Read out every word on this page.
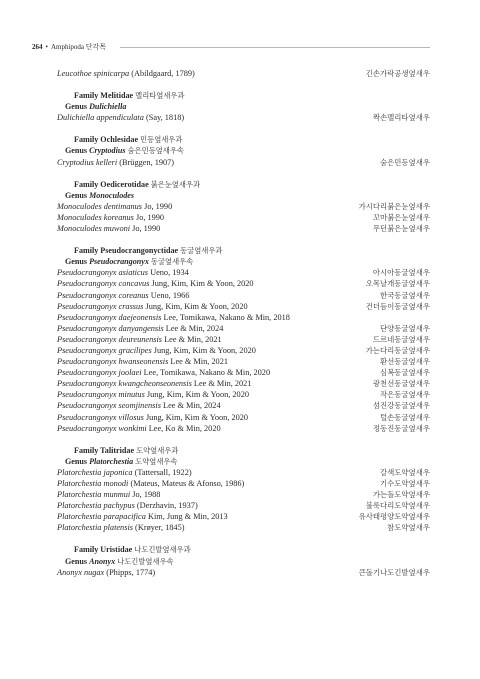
264 • Amphipoda 단각목
Leucothoe spinicarpa (Abildgaard, 1789)	긴손가락공생옆새우
Family Melitidae 멜리타옆새우과
Genus Dulichiella
Dulichiella appendiculata (Say, 1818)	짝손멜리타옆새우
Family Ochlesidae 민등옆새우과
Genus Cryptodius 숨은민등옆새우속
Cryptodius kelleri (Brüggen, 1907)	숨은민등옆새우
Family Oedicerotidae 붉은눈옆새우과
Genus Monoculodes
Monoculodes dentimanus Jo, 1990	가시다리붉은눈옆새우
Monoculodes koreanus Jo, 1990	꼬마붉은눈옆새우
Monoculodes muwoni Jo, 1990	무던붉은눈옆새우
Family Pseudocrangonyctidae 동굴옆새우과
Genus Pseudocrangonyx 동굴옆새우속
Pseudocrangonyx asiaticus Ueno, 1934	아시아동굴옆새우
Pseudocrangonyx concavus Jung, Kim, Kim & Yoon, 2020	오목날개동굴옆새우
Pseudocrangonyx coreanus Ueno, 1966	한국동굴옆새우
Pseudocrangonyx crassus Jung, Kim, Kim & Yoon, 2020	건더듬이동굴옆새우
Pseudocrangonyx daejeonensis Lee, Tomikawa, Nakano & Min, 2018
Pseudocrangonyx danyangensis Lee & Min, 2024	단양동굴옆새우
Pseudocrangonyx deureunensis Lee & Min, 2021	드르네동굴옆새우
Pseudocrangonyx gracilipes Jung, Kim, Kim & Yoon, 2020	가는다리동굴옆새우
Pseudocrangonyx hwanseonensis Lee & Min, 2021	환선동굴옆새우
Pseudocrangonyx joolaei Lee, Tomikawa, Nakano & Min, 2020	심복동굴옆새우
Pseudocrangonyx kwangcheonseonensis Lee & Min, 2021	광천선동굴옆새우
Pseudocrangonyx minutus Jung, Kim, Kim & Yoon, 2020	작은동굴옆새우
Pseudocrangonyx seomjinensis Lee & Min, 2024	섬진강동굴옆새우
Pseudocrangonyx villosus Jung, Kim, Kim & Yoon, 2020	털손동굴옆새우
Pseudocrangonyx wonkimi Lee, Ko & Min, 2020	정동진동굴옆새우
Family Talitridae 도약옆새우과
Genus Platorchestia 도약옆새우속
Platorchestia japonica (Tattersall, 1922)	갈색도약옆새우
Platorchestia monodi (Mateus, Mateus & Afonso, 1986)	기수도약옆새우
Platorchestia munmui Jo, 1988	가는돌도약옆새우
Platorchestia pachypus (Derzhavin, 1937)	불룩다리도약옆새우
Platorchestia parapacifica Kim, Jung & Min, 2013	유사태평양도약옆새우
Platorchestia platensis (Krøyer, 1845)	참도약옆새우
Family Uristidae 나도긴발옆새우과
Genus Anonyx 나도긴발옆새우속
Anonyx nugax (Phipps, 1774)	큰돌기나도긴발옆새우
